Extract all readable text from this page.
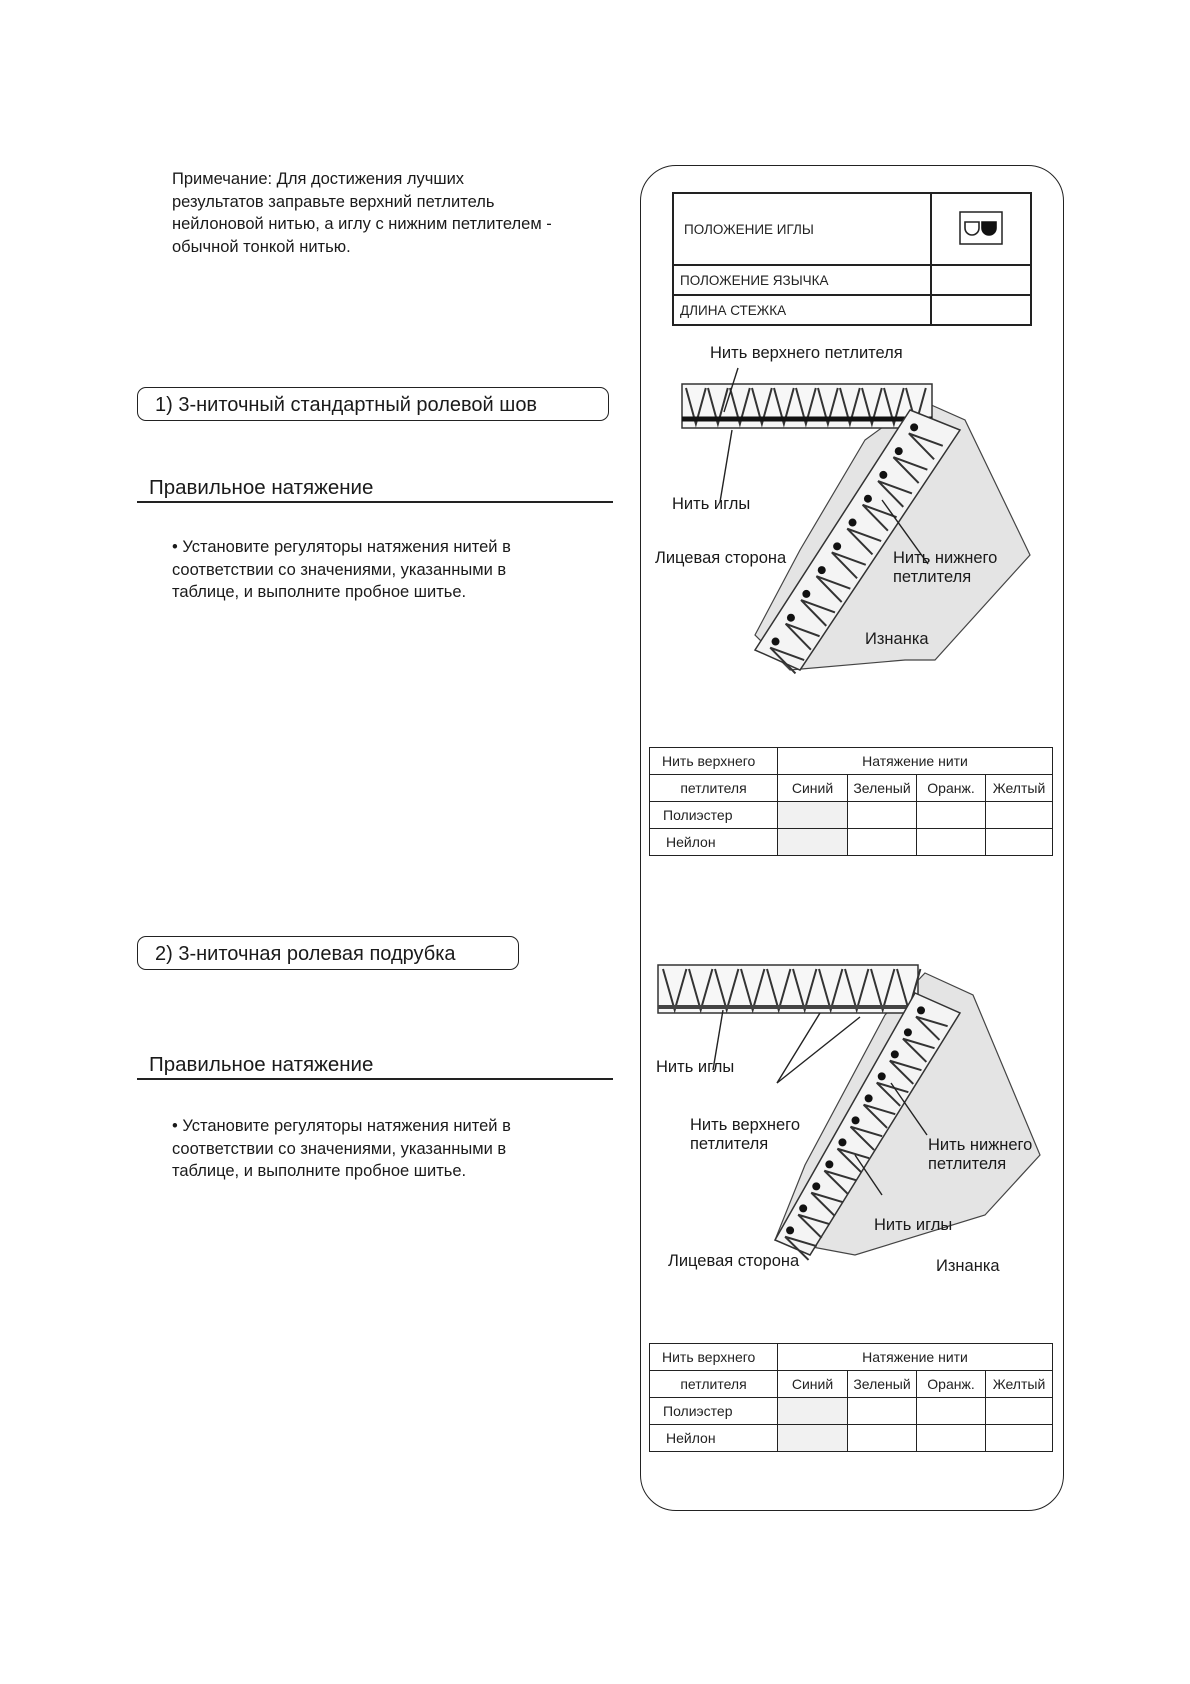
Примечание: Для достижения лучших
результатов заправьте верхний петлитель
нейлоновой нитью, а иглу с нижним петлителем -
обычной тонкой нитью.
1) 3-ниточный стандартный ролевой шов
Правильное натяжение
• Установите регуляторы натяжения нитей в
соответствии со значениями, указанными в
таблице, и выполните пробное шитье.
2) 3-ниточная ролевая подрубка
Правильное натяжение
• Установите регуляторы натяжения нитей в
соответствии со значениями, указанными в
таблице, и выполните пробное шитье.
ПОЛОЖЕНИЕ ИГЛЫ	
ПОЛОЖЕНИЕ ЯЗЫЧКА	
ДЛИНА СТЕЖКА	
Нить верхнего петлителя
Нить иглы
Лицевая сторона	Нить нижнего
петлителя
Изнанка
Нить верхнего	Натяжение нити			
петлителя	Синий	Зеленый	Оранж.	Желтый
Полиэстер				
Нейлон				
Нить иглы
Нить верхнего
петлителя	Нить нижнего
петлителя
Нить иглы
Лицевая сторона	Изнанка
Нить верхнего	Натяжение нити			
петлителя	Синий	Зеленый	Оранж.	Желтый
Полиэстер				
Нейлон				
